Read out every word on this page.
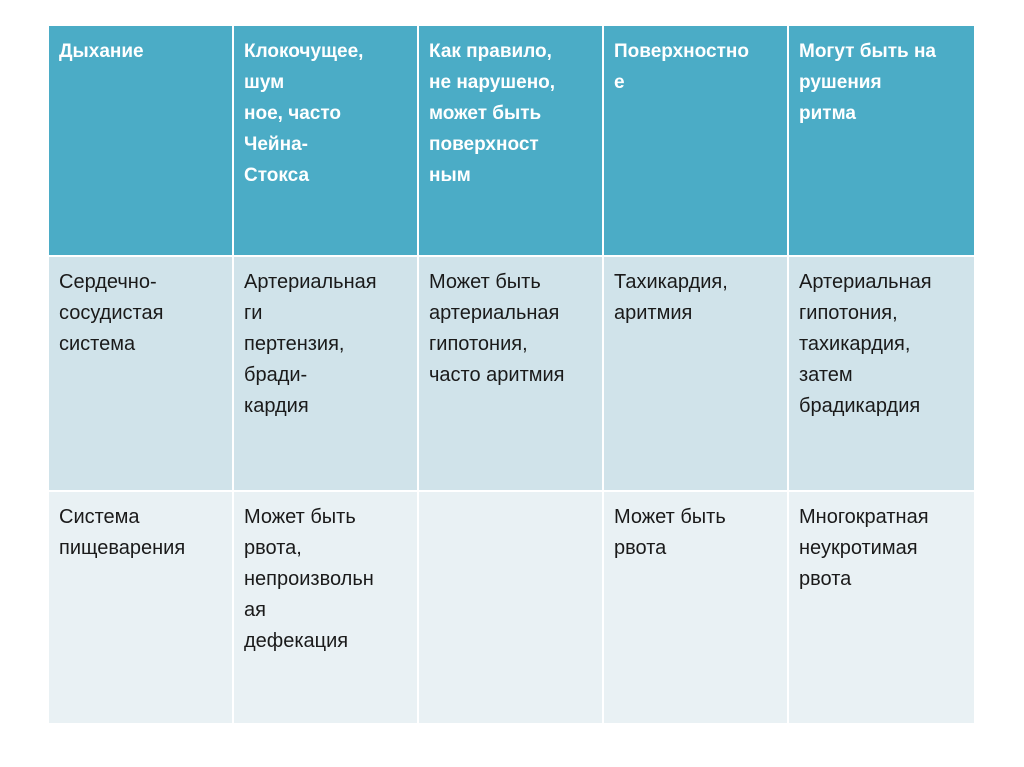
Дыхание	Клокочущее,
шум
ное, часто
Чейна-
Стокса
Как правило,
не нарушено,
может быть
поверхност
ным
Поверхностно
е
Могут быть на
рушения
ритма
Сердечно-
сосудистая
система
Артериальная
ги
пертензия,
бради-
кардия
Может быть
артериальная
гипотония,
часто аритмия
Тахикардия,
аритмия
Артериальная
гипотония,
тахикардия,
затем
брадикардия
Система
пищеварения
Может быть
рвота,
непроизвольн
ая
дефекация
Может быть
рвота
Многократная
неукротимая
рвота
